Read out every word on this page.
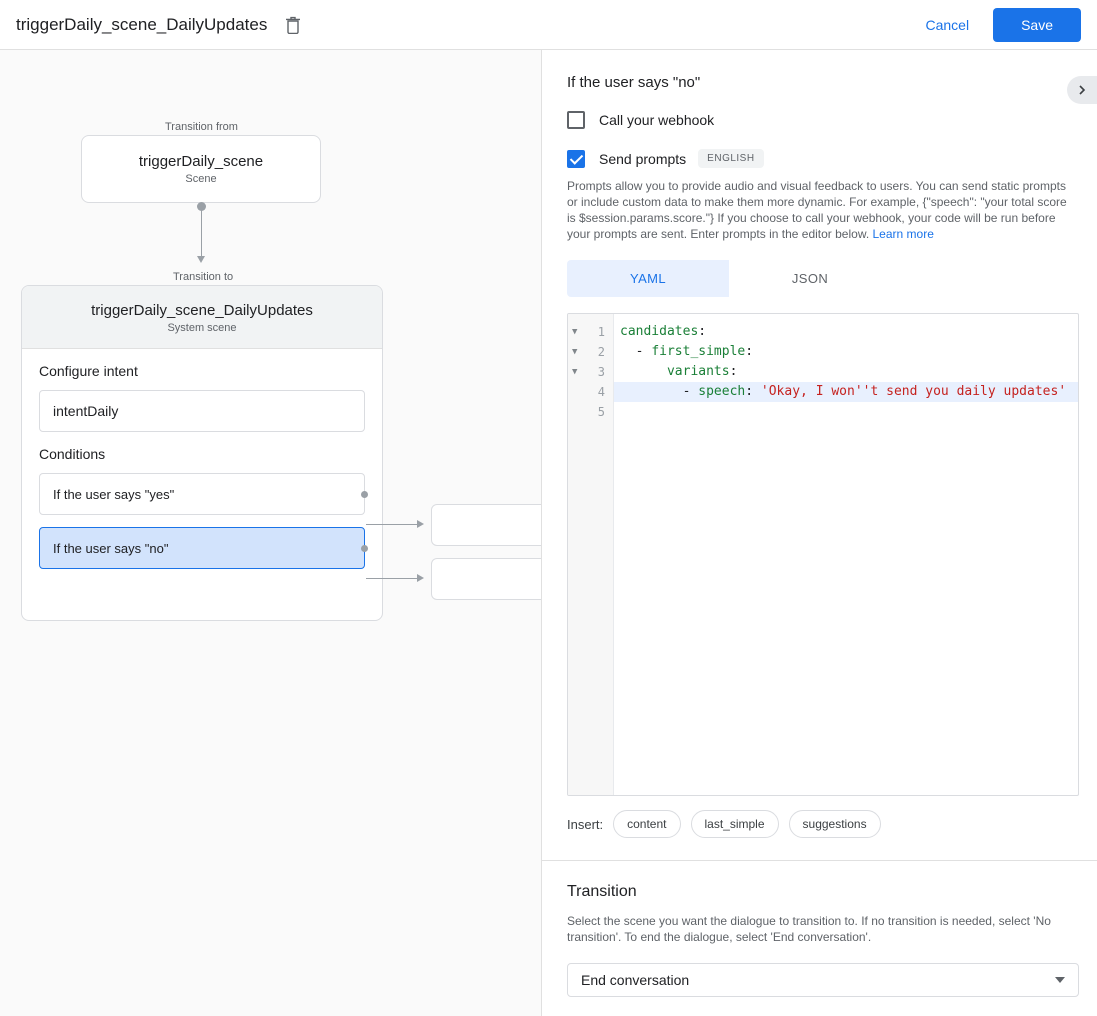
triggerDaily_scene_DailyUpdates	Cancel	Save
Transition from
triggerDaily_scene
Scene
Transition to
triggerDaily_scene_DailyUpdates
System scene
Configure intent
intentDaily
Conditions
If the user says "yes"
If the user says "no"
If the user says "no"
Call your webhook
Send prompts	ENGLISH
Prompts allow you to provide audio and visual feedback to users. You can send static prompts or include custom data to make them more dynamic. For example, {"speech": "your total score is $session.params.score."} If you choose to call your webhook, your code will be run before your prompts are sent. Enter prompts in the editor below. Learn more
YAML	JSON
▼ 1
▼ 2
▼ 3
4
5
candidates:
- first_simple:
variants:
- speech: 'Okay, I won''t send you daily updates'
Insert:	content	last_simple	suggestions
Transition
Select the scene you want the dialogue to transition to. If no transition is needed, select 'No transition'. To end the dialogue, select 'End conversation'.
End conversation
